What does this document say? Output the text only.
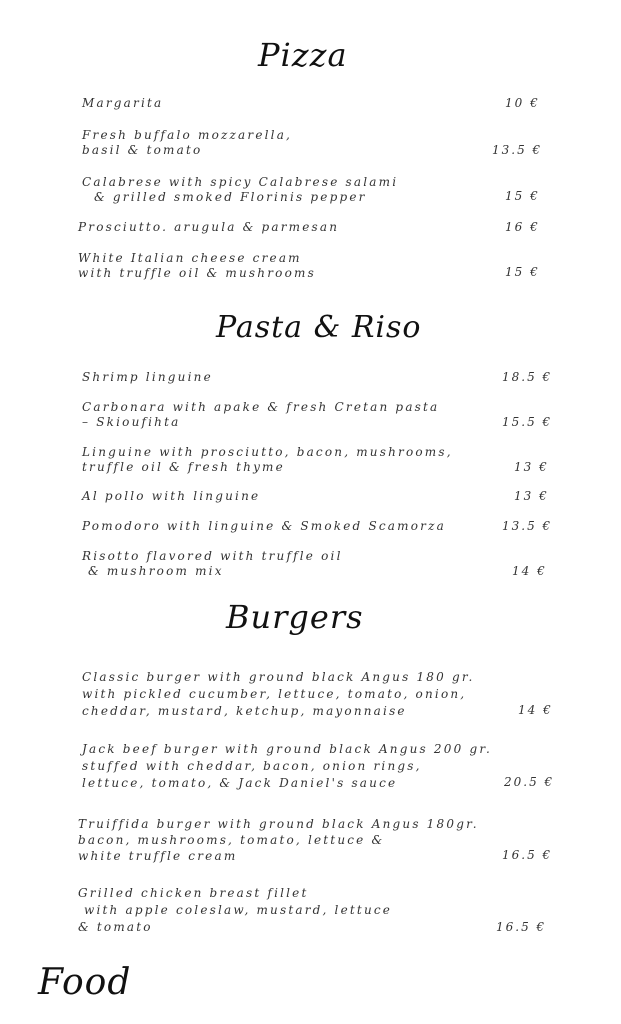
Pizza
Margarita	10 €
Fresh buffalo mozzarella,
basil & tomato	13.5 €
Calabrese with spicy Calabrese salami
& grilled smoked Florinis pepper	15 €
Prosciutto. arugula & parmesan	16 €
White Italian cheese cream
with truffle oil & mushrooms	15 €
Pasta & Riso
Shrimp linguine	18.5 €
Carbonara with apake & fresh Cretan pasta
– Skioufihta	15.5 €
Linguine with prosciutto, bacon, mushrooms,
truffle oil & fresh thyme	13 €
Al pollo with linguine	13 €
Pomodoro with linguine & Smoked Scamorza	13.5 €
Risotto flavored with truffle oil
& mushroom mix	14 €
Burgers
Classic burger with ground black Angus 180 gr.
with pickled cucumber, lettuce, tomato, onion,
cheddar, mustard, ketchup, mayonnaise	14 €
Jack beef burger with ground black Angus 200 gr.
stuffed with cheddar, bacon, onion rings,
lettuce, tomato, & Jack Daniel's sauce	20.5 €
Truiffida burger with ground black Angus 180gr.
bacon, mushrooms, tomato, lettuce &
white truffle cream	16.5 €
Grilled chicken breast fillet
with apple coleslaw, mustard, lettuce
& tomato	16.5 €
Food
